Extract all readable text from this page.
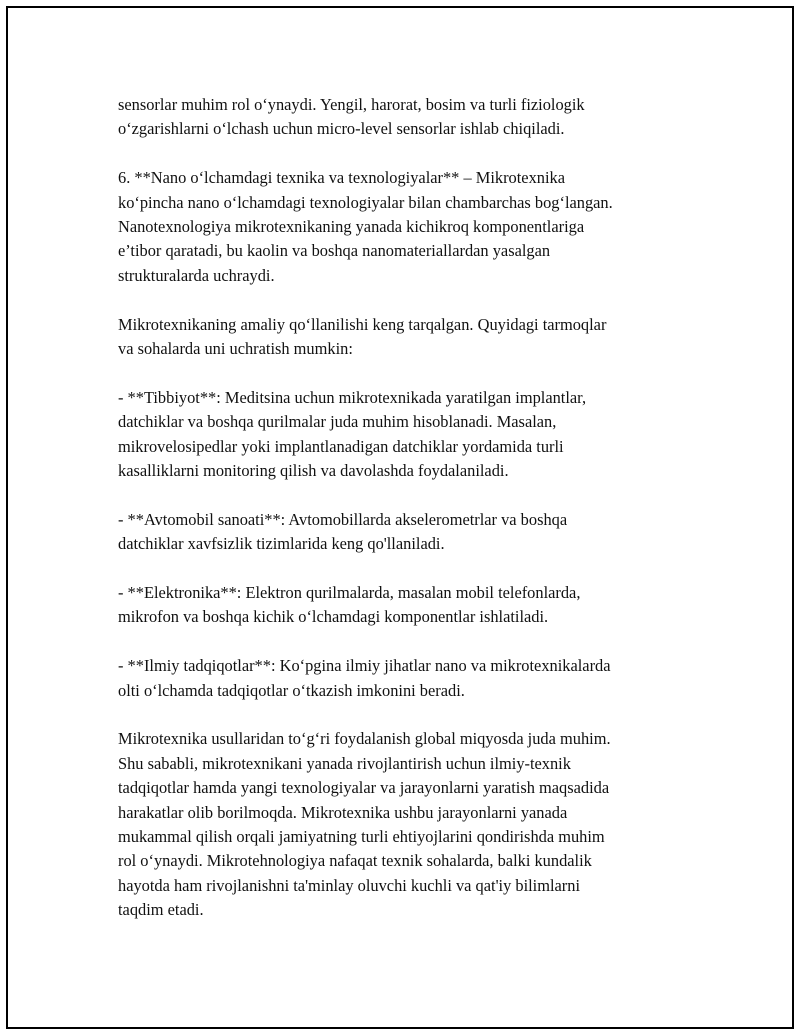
sensorlar muhim rol oʻynaydi. Yengil, harorat, bosim va turli fiziologik
oʻzgarishlarni oʻlchash uchun micro-level sensorlar ishlab chiqiladi.

6. **Nano oʻlchamdagi texnika va texnologiyalar** – Mikrotexnika
koʻpincha nano oʻlchamdagi texnologiyalar bilan chambarchas bogʻlangan.
Nanotexnologiya mikrotexnikaning yanada kichikroq komponentlariga
e’tibor qaratadi, bu kaolin va boshqa nanomateriallardan yasalgan
strukturalarda uchraydi.

Mikrotexnikaning amaliy qoʻllanilishi keng tarqalgan. Quyidagi tarmoqlar
va sohalarda uni uchratish mumkin:

- **Tibbiyot**: Meditsina uchun mikrotexnikada yaratilgan implantlar,
datchiklar va boshqa qurilmalar juda muhim hisoblanadi. Masalan,
mikrovelosipedlar yoki implantlanadigan datchiklar yordamida turli
kasalliklarni monitoring qilish va davolashda foydalaniladi.

- **Avtomobil sanoati**: Avtomobillarda akselerometrlar va boshqa
datchiklar xavfsizlik tizimlarida keng qo'llaniladi.

- **Elektronika**: Elektron qurilmalarda, masalan mobil telefonlarda,
mikrofon va boshqa kichik oʻlchamdagi komponentlar ishlatiladi.

- **Ilmiy tadqiqotlar**: Koʻpgina ilmiy jihatlar nano va mikrotexnikalarda
olti oʻlchamda tadqiqotlar oʻtkazish imkonini beradi.

Mikrotexnika usullaridan toʻgʻri foydalanish global miqyosda juda muhim.
Shu sababli, mikrotexnikani yanada rivojlantirish uchun ilmiy-texnik
tadqiqotlar hamda yangi texnologiyalar va jarayonlarni yaratish maqsadida
harakatlar olib borilmoqda. Mikrotexnika ushbu jarayonlarni yanada
mukammal qilish orqali jamiyatning turli ehtiyojlarini qondirishda muhim
rol oʻynaydi. Mikrotehnologiya nafaqat texnik sohalarda, balki kundalik
hayotda ham rivojlanishni ta'minlay oluvchi kuchli va qat'iy bilimlarni
taqdim etadi.
